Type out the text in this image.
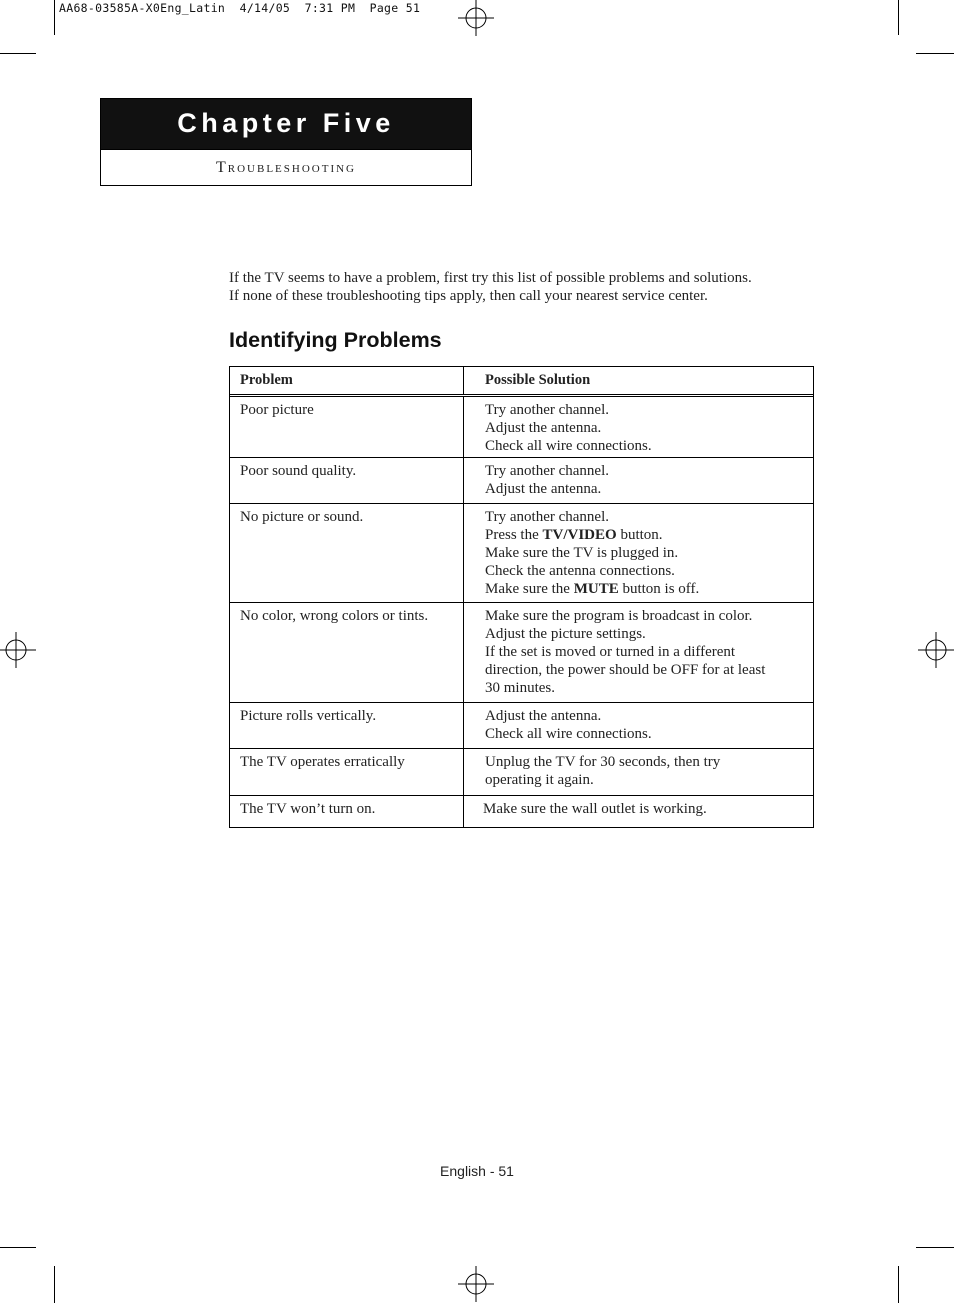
AA68-03585A-X0Eng_Latin  4/14/05  7:31 PM  Page 51
Chapter Five
Troubleshooting

If the TV seems to have a problem, first try this list of possible problems and solutions.

If none of these troubleshooting tips apply, then call your nearest service center.

Identifying Problems
Problem	Possible Solution
Poor picture	Try another channel.
Adjust the antenna.
Check all wire connections.
Poor sound quality.	Try another channel.
Adjust the antenna.
No picture or sound.	Try another channel.
Press the TV/VIDEO button.
Make sure the TV is plugged in.
Check the antenna connections.
Make sure the MUTE button is off.
No color, wrong colors or tints.	Make sure the program is broadcast in color.
Adjust the picture settings.
If the set is moved or turned in a different
direction, the power should be OFF for at least
30 minutes.
Picture rolls vertically.	Adjust the antenna.
Check all wire connections.
The TV operates erratically	Unplug the TV for 30 seconds, then try
operating it again.
The TV won’t turn on.	Make sure the wall outlet is working.
English - 51
